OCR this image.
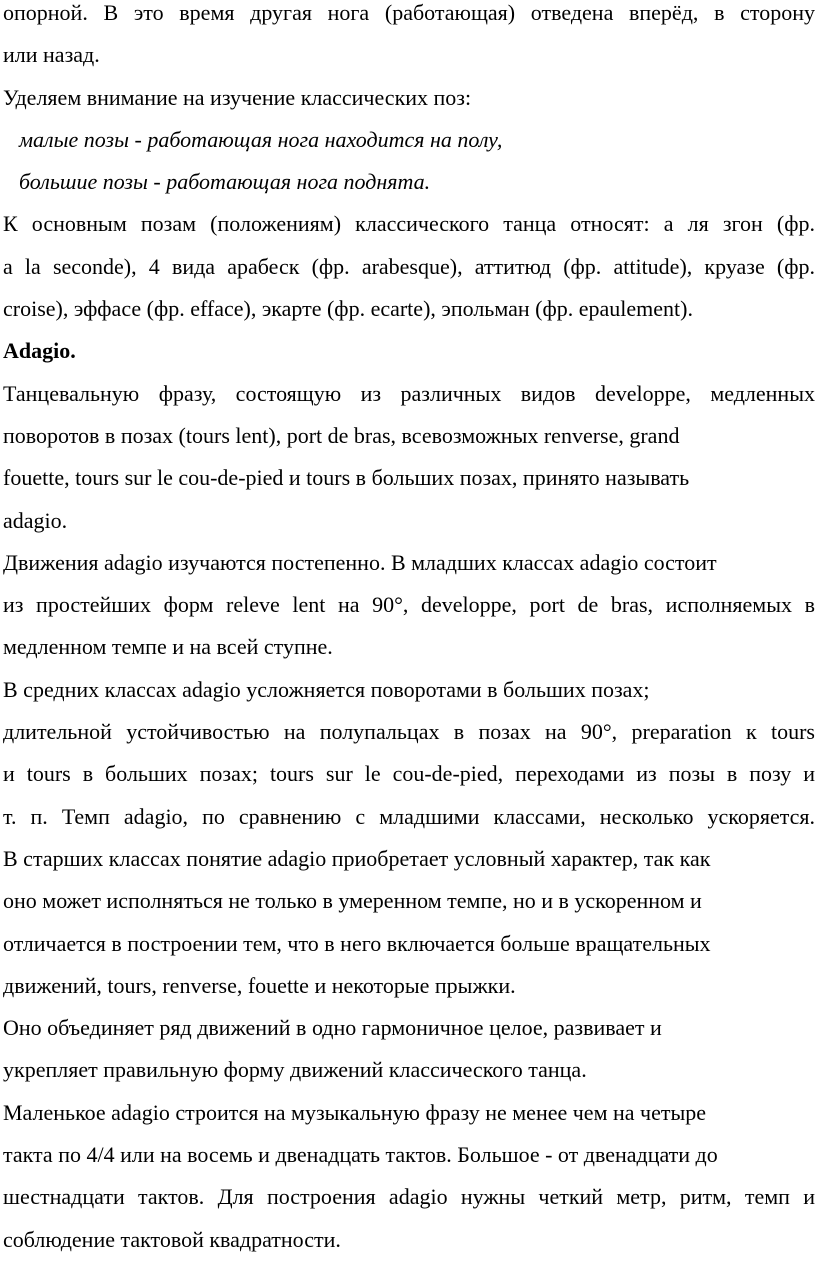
опорной. В это время другая нога (работающая) отведена вперёд, в сторону
или назад.
Уделяем внимание на изучение классических поз:
малые позы - работающая нога находится на полу,
большие позы - работающая нога поднята.
К основным позам (положениям) классического танца относят: а ля згон (фр.
a la seconde), 4 вида арабеск (фр. arabesque), аттитюд (фр. attitude), круазе (фр.
croise), эффасе (фр. efface), экарте (фр. ecarte), эпольман (фр. epaulement).
Adagio.
Танцевальную фразу, состоящую из различных видов developpe, медленных
поворотов в позах (tours lent), port de bras, всевозможных renverse, grand
fouette, tours sur le cou-de-pied и tours в больших позах, принято называть
adagio.
Движения adagio изучаются постепенно. В младших классах adagio состоит
из простейших форм releve lent на 90°, developpe, port de bras, исполняемых в
медленном темпе и на всей ступне.
В средних классах adagio усложняется поворотами в больших позах;
длительной устойчивостью на полупальцах в позах на 90°, preparation к tours
и tours в больших позах; tours sur le cou-de-pied, переходами из позы в позу и
т. п. Темп adagio, по сравнению с младшими классами, несколько ускоряется.
В старших классах понятие adagio приобретает условный характер, так как
оно может исполняться не только в умеренном темпе, но и в ускоренном и
отличается в построении тем, что в него включается больше вращательных
движений, tours, renverse, fouette и некоторые прыжки.
Оно объединяет ряд движений в одно гармоничное целое, развивает и
укрепляет правильную форму движений классического танца.
Маленькое adagio строится на музыкальную фразу не менее чем на четыре
такта по 4/4 или на восемь и двенадцать тактов. Большое - от двенадцати до
шестнадцати тактов. Для построения adagio нужны четкий метр, ритм, темп и
соблюдение тактовой квадратности.
